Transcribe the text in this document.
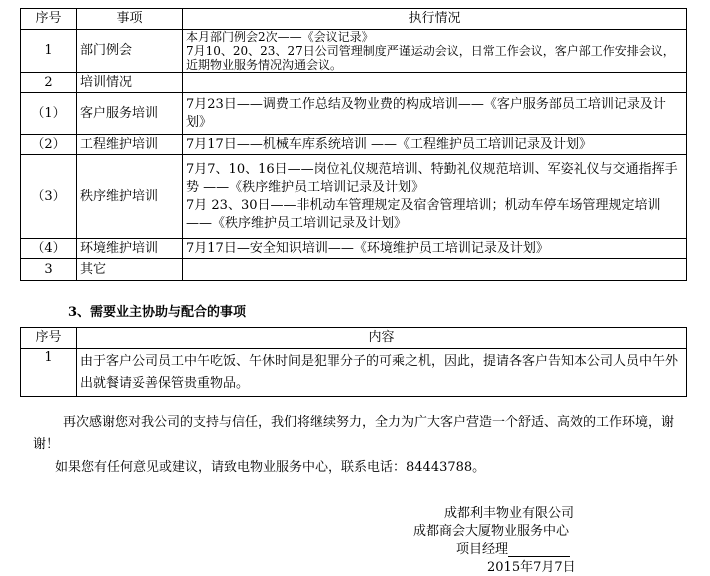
序号	事项	执行情况
1	部门例会	本月部门例会2次——《会议记录》
7月10、20、23、27日公司管理制度严谨运动会议，日常工作会议，客户部工作安排会议，近期物业服务情况沟通会议。

2	培训情况	
（1）	客户服务培训	7月23日——调费工作总结及物业费的构成培训——《客户服务部员工培训记录及计划》
（2）	工程维护培训	7月17日——机械车库系统培训 ——《工程维护员工培训记录及计划》
（3）	秩序维护培训	7月7、10、16日——岗位礼仪规范培训、特勤礼仪规范培训、军姿礼仪与交通指挥手势 ——《秩序维护员工培训记录及计划》
7月 23、30日——非机动车管理规定及宿舍管理培训；机动车停车场管理规定培训——《秩序维护员工培训记录及计划》

（4）	环境维护培训	7月17日—安全知识培训——《环境维护员工培训记录及计划》
3	其它	
3、需要业主协助与配合的事项
序号	内容
1	由于客户公司员工中午吃饭、午休时间是犯罪分子的可乘之机，因此，提请各客户告知本公司人员中午外出就餐请妥善保管贵重物品。
再次感谢您对我公司的支持与信任，我们将继续努力，全力为广大客户营造一个舒适、高效的工作环境，谢谢！
如果您有任何意见或建议，请致电物业服务中心，联系电话：84443788。
成都利丰物业有限公司
成都商会大厦物业服务中心
项目经理
2015年7月7日
